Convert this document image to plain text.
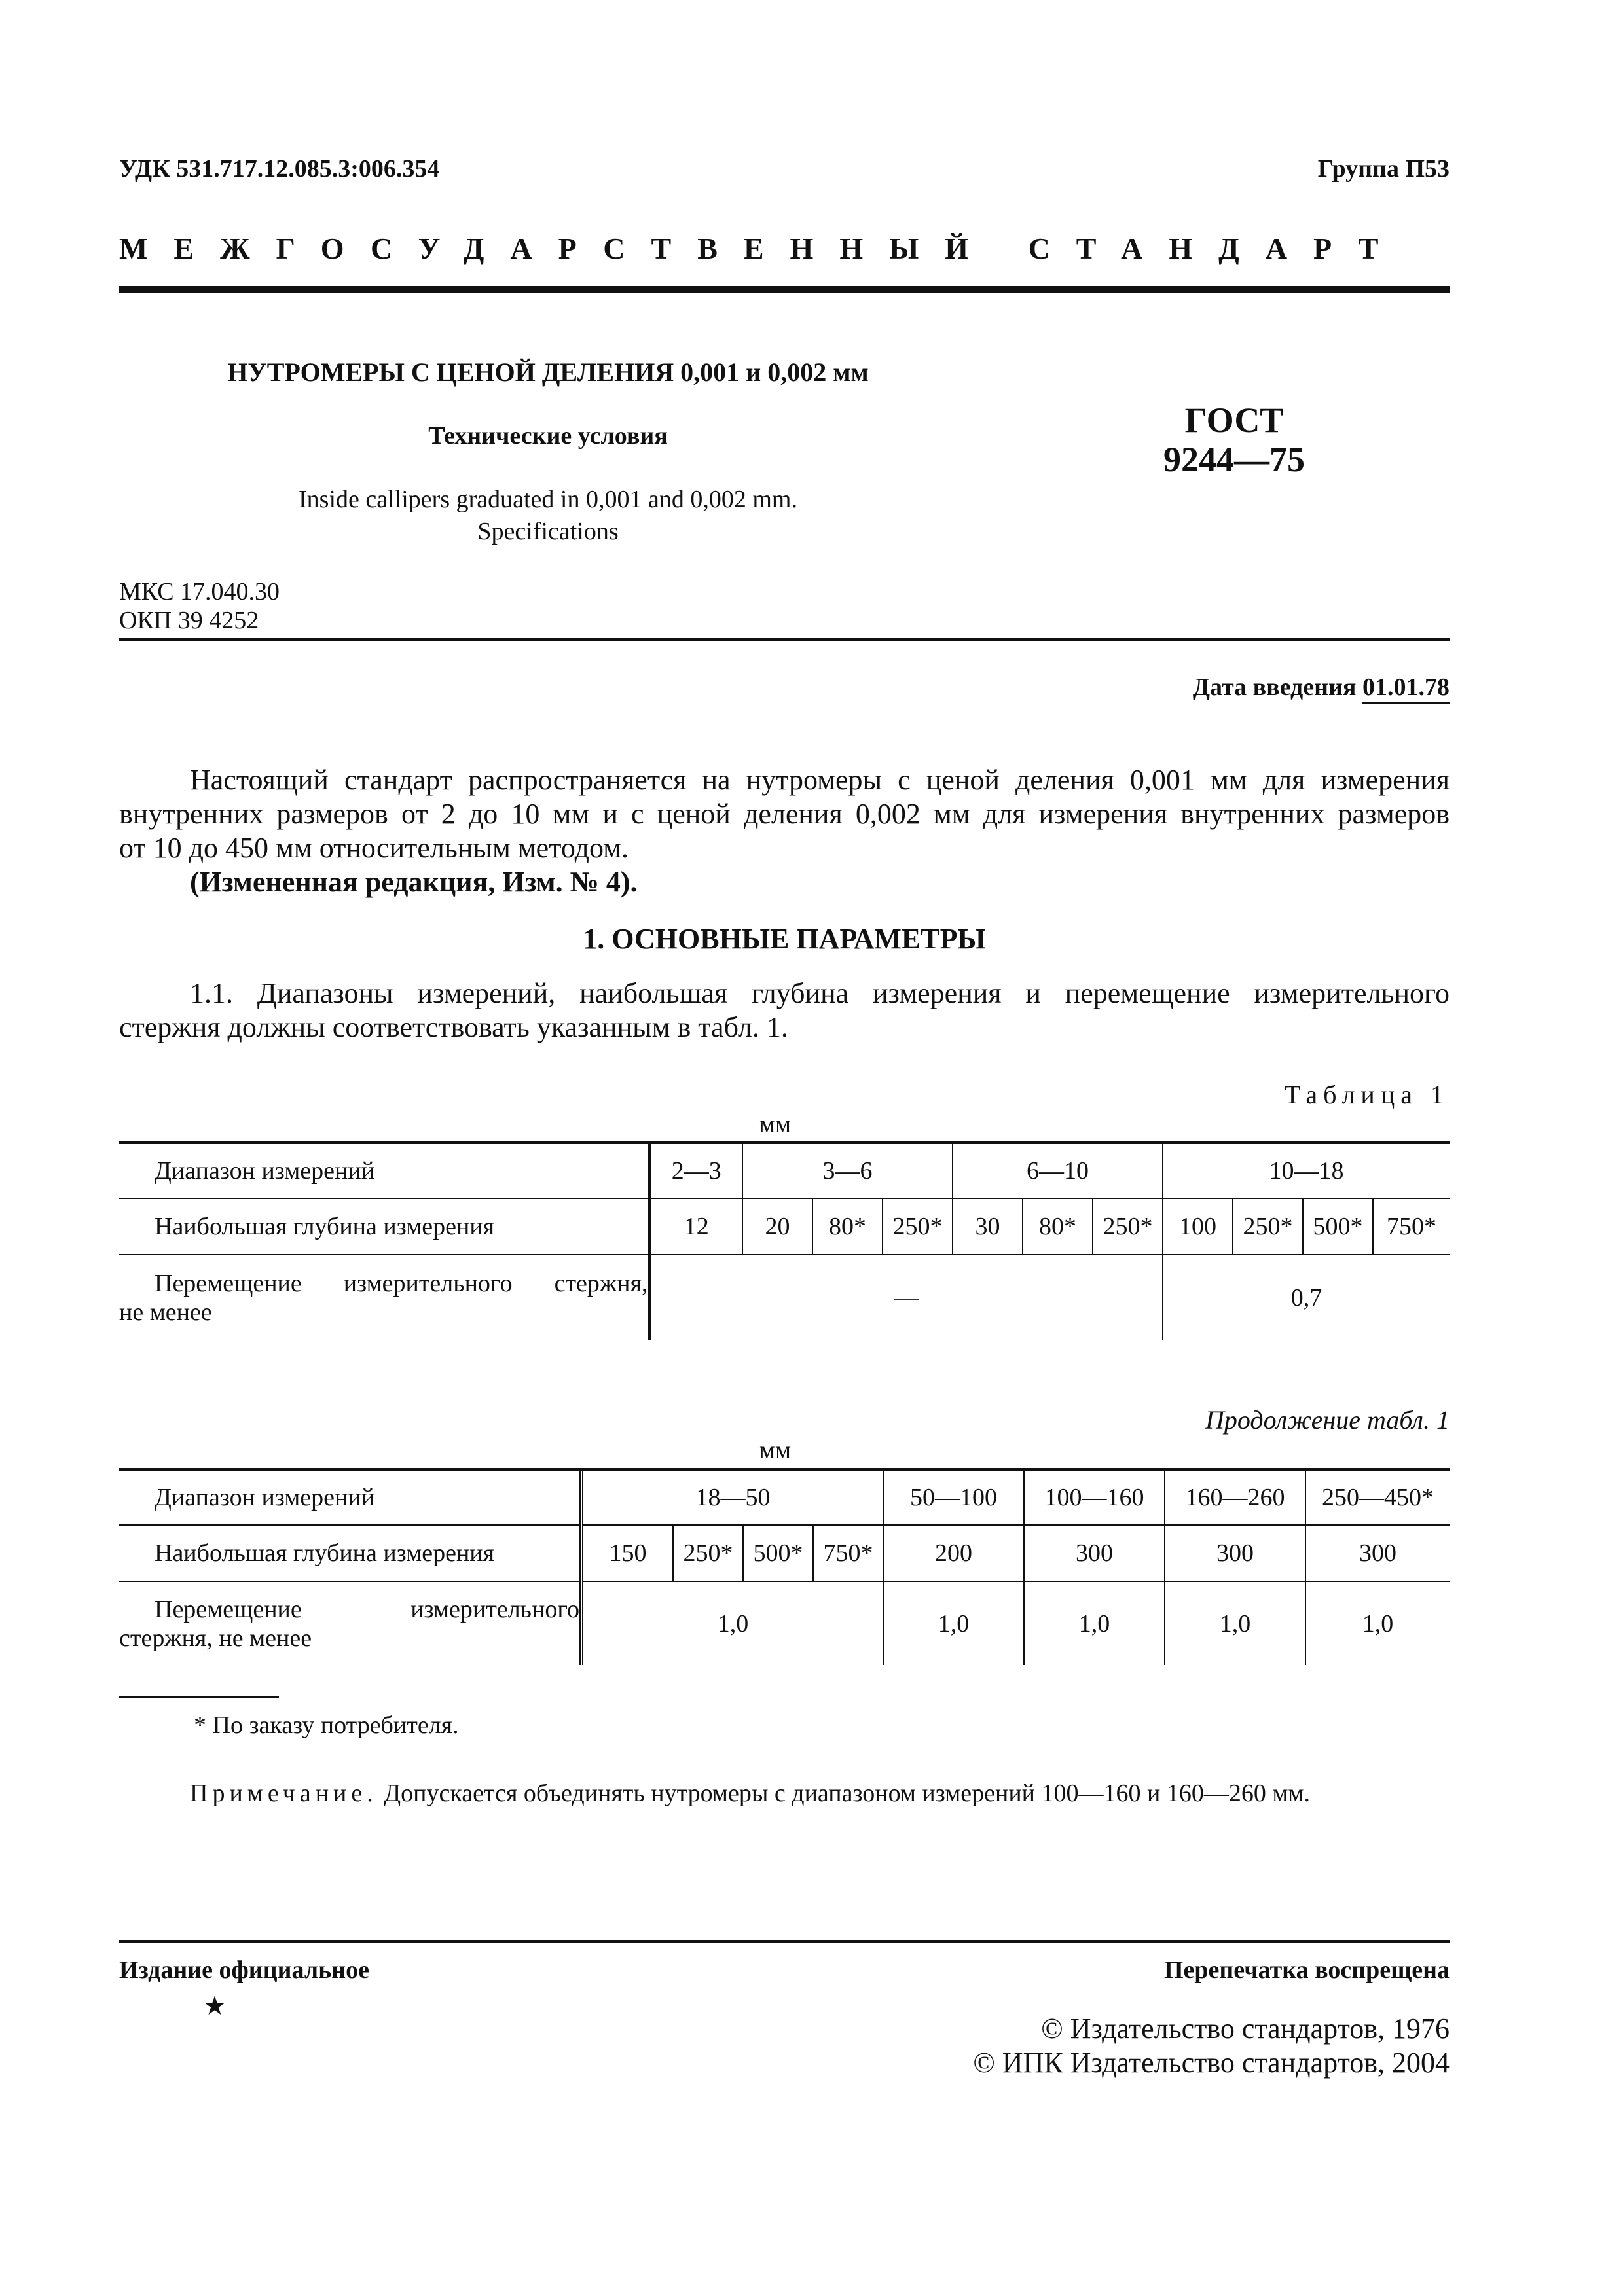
УДК 531.717.12.085.3:006.354	Группа П53
МЕЖГОСУДАРСТВЕННЫЙ СТАНДАРТ
НУТРОМЕРЫ С ЦЕНОЙ ДЕЛЕНИЯ 0,001 и 0,002 мм
Технические условия
Inside callipers graduated in 0,001 and 0,002 mm.
Specifications
ГОСТ
9244—75
МКС 17.040.30
ОКП 39 4252
Дата введения 01.01.78
Настоящий стандарт распространяется на нутромеры с ценой деления 0,001 мм для измерения
внутренних размеров от 2 до 10 мм и с ценой деления 0,002 мм для измерения внутренних размеров
от 10 до 450 мм относительным методом.
(Измененная редакция, Изм. № 4).
1. ОСНОВНЫЕ ПАРАМЕТРЫ
1.1. Диапазоны измерений, наибольшая глубина измерения и перемещение измерительного
стержня должны соответствовать указанным в табл. 1.
Таблица 1
мм
Диапазон измерений	2—3	3—6			6—10			10—18			
Наибольшая глубина измерения	12	20	80*	250*	30	80*	250*	100	250*	500*	750*

Перемещение измерительного стержня,
не менее	—							0,7			
Продолжение табл. 1
мм
Диапазон измерений	18—50				50—100	100—160	160—260	250—450*
Наибольшая глубина измерения	150	250*	500*	750*	200	300	300	300

Перемещение измерительного
стержня, не менее	1,0				1,0	1,0	1,0	1,0
* По заказу потребителя.
Примечание. Допускается объединять нутромеры с диапазоном измерений 100—160 и 160—260 мм.
Издание официальное
★
Перепечатка воспрещена
© Издательство стандартов, 1976
© ИПК Издательство стандартов, 2004
